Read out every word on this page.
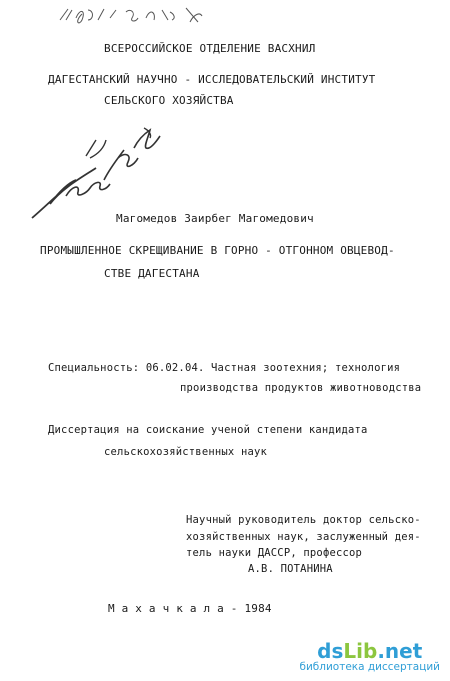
ВСЕРОССИЙСКОЕ ОТДЕЛЕНИЕ ВАСХНИЛ
ДАГЕСТАНСКИЙ НАУЧНО - ИССЛЕДОВАТЕЛЬСКИЙ ИНСТИТУТ
СЕЛЬСКОГО ХОЗЯЙСТВА
Магомедов Заирбег Магомедович
ПРОМЫШЛЕННОЕ СКРЕЩИВАНИЕ В ГОРНО - ОТГОННОМ ОВЦЕВОД-
СТВЕ ДАГЕСТАНА
Специальность: 06.02.04. Частная зоотехния; технология
производства продуктов животноводства
Диссертация на соискание ученой степени кандидата
сельскохозяйственных наук
Научный руководитель доктор сельско-
хозяйственных наук, заслуженный дея-
тель науки ДАССР, профессор
А.В. ПОТАНИНА
М а х а ч к а л а - 1984
dsLib.net
библиотека диссертаций
